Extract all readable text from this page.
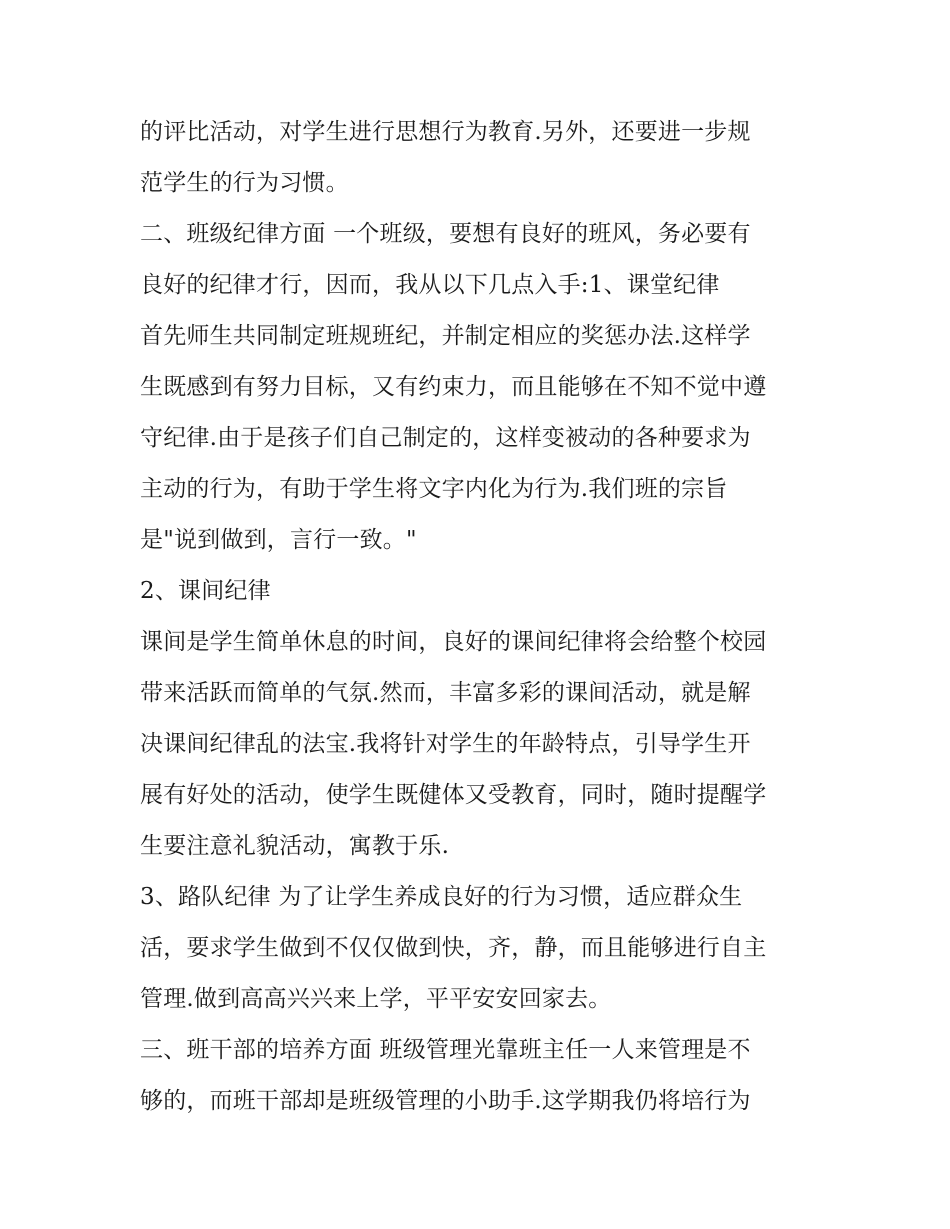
的评比活动，对学生进行思想行为教育.另外，还要进一步规
范学生的行为习惯。
二、班级纪律方面 一个班级，要想有良好的班风，务必要有
良好的纪律才行，因而，我从以下几点入手:1、课堂纪律
首先师生共同制定班规班纪，并制定相应的奖惩办法.这样学
生既感到有努力目标，又有约束力，而且能够在不知不觉中遵
守纪律.由于是孩子们自己制定的，这样变被动的各种要求为
主动的行为，有助于学生将文字内化为行为.我们班的宗旨
是"说到做到，言行一致。"
2、课间纪律
课间是学生简单休息的时间，良好的课间纪律将会给整个校园
带来活跃而简单的气氛.然而，丰富多彩的课间活动，就是解
决课间纪律乱的法宝.我将针对学生的年龄特点，引导学生开
展有好处的活动，使学生既健体又受教育，同时，随时提醒学
生要注意礼貌活动，寓教于乐.
3、路队纪律 为了让学生养成良好的行为习惯，适应群众生
活，要求学生做到不仅仅做到快，齐，静，而且能够进行自主
管理.做到高高兴兴来上学，平平安安回家去。
三、班干部的培养方面 班级管理光靠班主任一人来管理是不
够的，而班干部却是班级管理的小助手.这学期我仍将培行为
